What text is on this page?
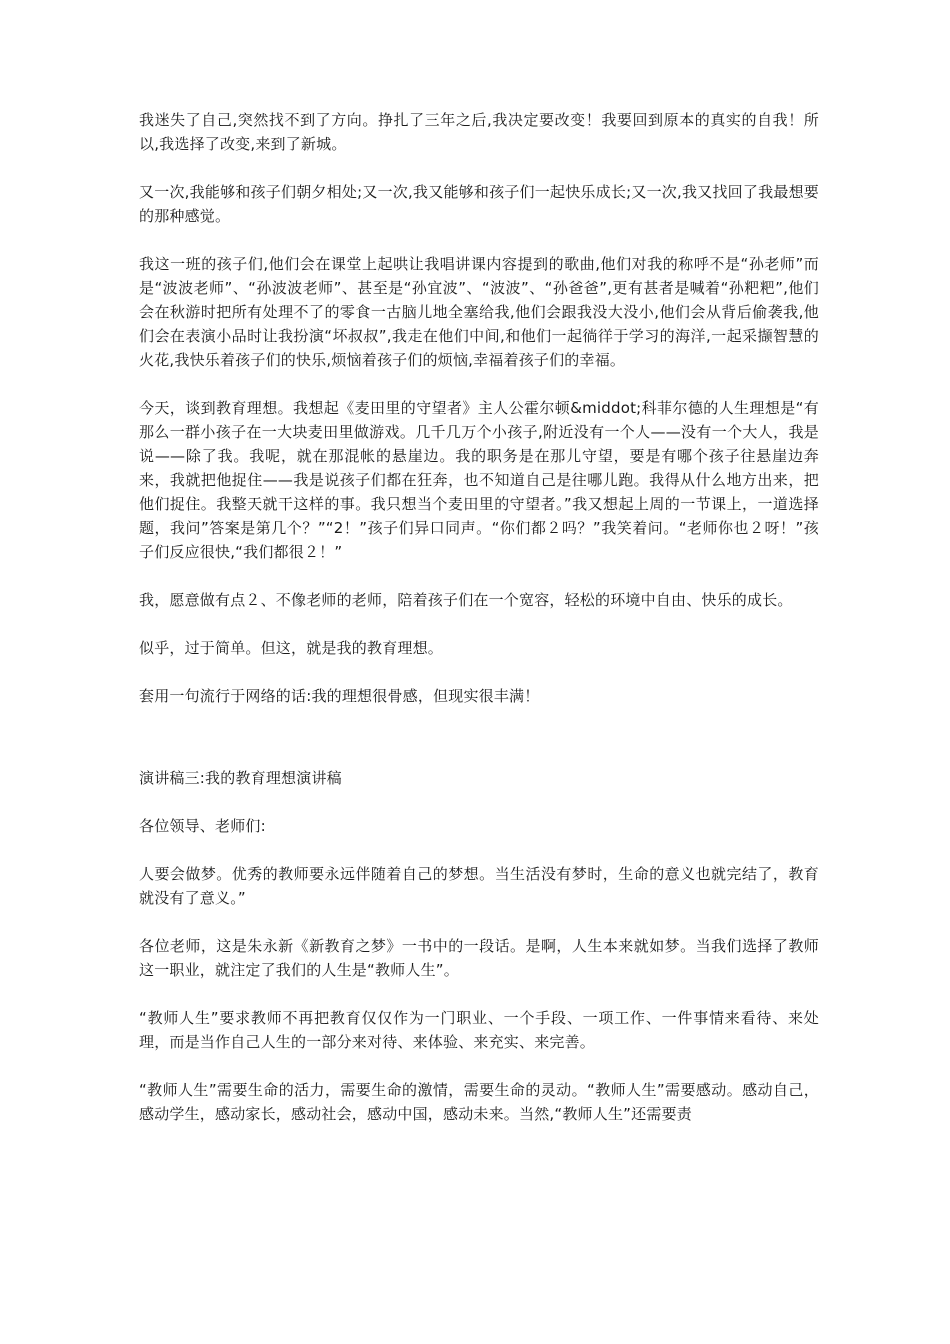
我迷失了自己,突然找不到了方向。挣扎了三年之后,我决定要改变！我要回到原本的真实的自我！所以,我选择了改变,来到了新城。

又一次,我能够和孩子们朝夕相处;又一次,我又能够和孩子们一起快乐成长;又一次,我又找回了我最想要的那种感觉。

我这一班的孩子们,他们会在课堂上起哄让我唱讲课内容提到的歌曲,他们对我的称呼不是“孙老师”而是“波波老师”、“孙波波老师”、甚至是“孙宜波”、“波波”、“孙爸爸”,更有甚者是喊着“孙粑粑”,他们会在秋游时把所有处理不了的零食一古脑儿地全塞给我,他们会跟我没大没小,他们会从背后偷袭我,他们会在表演小品时让我扮演“坏叔叔”,我走在他们中间,和他们一起徜徉于学习的海洋,一起采撷智慧的火花,我快乐着孩子们的快乐,烦恼着孩子们的烦恼,幸福着孩子们的幸福。

今天，谈到教育理想。我想起《麦田里的守望者》主人公霍尔顿&middot;科菲尔德的人生理想是“有那么一群小孩子在一大块麦田里做游戏。几千几万个小孩子,附近没有一个人——没有一个大人，我是说——除了我。我呢，就在那混帐的悬崖边。我的职务是在那儿守望，要是有哪个孩子往悬崖边奔来，我就把他捉住——我是说孩子们都在狂奔，也不知道自己是往哪儿跑。我得从什么地方出来，把他们捉住。我整天就干这样的事。我只想当个麦田里的守望者。”我又想起上周的一节课上，一道选择题，我问”答案是第几个？”“2！”孩子们异口同声。“你们都２吗？”我笑着问。“老师你也２呀！”孩子们反应很快,“我们都很２！”

我，愿意做有点２、不像老师的老师，陪着孩子们在一个宽容，轻松的环境中自由、快乐的成长。

似乎，过于简单。但这，就是我的教育理想。

套用一句流行于网络的话:我的理想很骨感，但现实很丰满！

演讲稿三:我的教育理想演讲稿

各位领导、老师们:

人要会做梦。优秀的教师要永远伴随着自己的梦想。当生活没有梦时，生命的意义也就完结了，教育就没有了意义。”

各位老师，这是朱永新《新教育之梦》一书中的一段话。是啊，人生本来就如梦。当我们选择了教师这一职业，就注定了我们的人生是“教师人生”。

“教师人生”要求教师不再把教育仅仅作为一门职业、一个手段、一项工作、一件事情来看待、来处理，而是当作自己人生的一部分来对待、来体验、来充实、来完善。

“教师人生”需要生命的活力，需要生命的激情，需要生命的灵动。“教师人生”需要感动。感动自己，感动学生，感动家长，感动社会，感动中国，感动未来。当然,“教师人生”还需要责
